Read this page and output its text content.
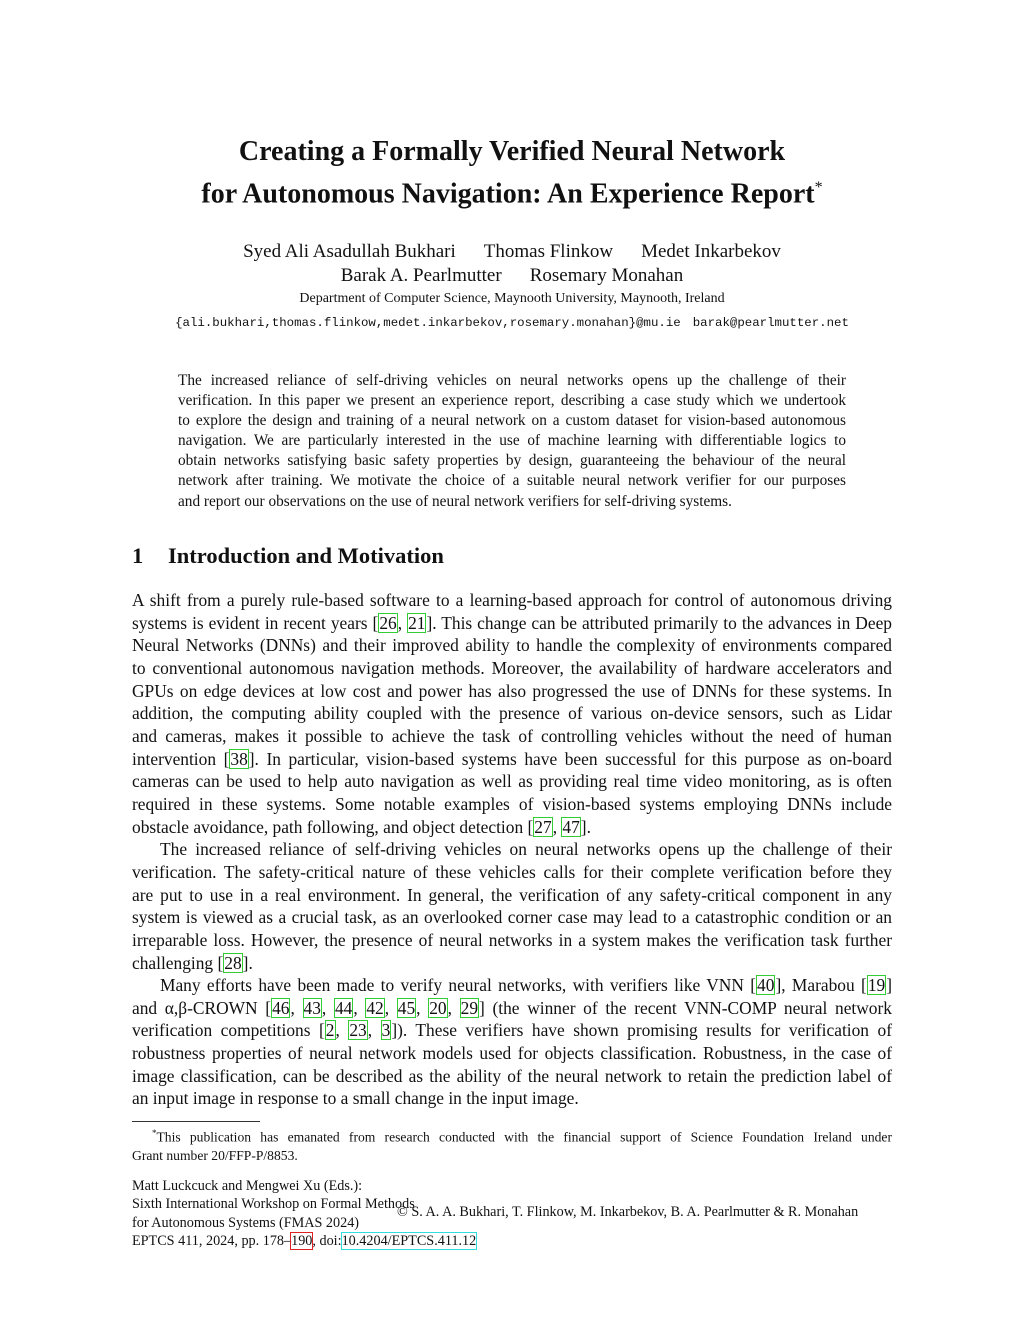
Creating a Formally Verified Neural Network
for Autonomous Navigation: An Experience Report*
Syed Ali Asadullah Bukhari Thomas Flinkow Medet Inkarbekov
Barak A. Pearlmutter Rosemary Monahan
Department of Computer Science, Maynooth University, Maynooth, Ireland
{ali.bukhari,thomas.flinkow,medet.inkarbekov,rosemary.monahan}@mu.ie barak@pearlmutter.net
The increased reliance of self-driving vehicles on neural networks opens up the challenge of their
verification. In this paper we present an experience report, describing a case study which we undertook
to explore the design and training of a neural network on a custom dataset for vision-based autonomous
navigation. We are particularly interested in the use of machine learning with differentiable logics to
obtain networks satisfying basic safety properties by design, guaranteeing the behaviour of the neural
network after training. We motivate the choice of a suitable neural network verifier for our purposes
and report our observations on the use of neural network verifiers for self-driving systems.
1 Introduction and Motivation
A shift from a purely rule-based software to a learning-based approach for control of autonomous driving
systems is evident in recent years [26, 21]. This change can be attributed primarily to the advances in Deep
Neural Networks (DNNs) and their improved ability to handle the complexity of environments compared
to conventional autonomous navigation methods. Moreover, the availability of hardware accelerators and
GPUs on edge devices at low cost and power has also progressed the use of DNNs for these systems. In
addition, the computing ability coupled with the presence of various on-device sensors, such as Lidar
and cameras, makes it possible to achieve the task of controlling vehicles without the need of human
intervention [38]. In particular, vision-based systems have been successful for this purpose as on-board
cameras can be used to help auto navigation as well as providing real time video monitoring, as is often
required in these systems. Some notable examples of vision-based systems employing DNNs include
obstacle avoidance, path following, and object detection [27, 47].
The increased reliance of self-driving vehicles on neural networks opens up the challenge of their
verification. The safety-critical nature of these vehicles calls for their complete verification before they
are put to use in a real environment. In general, the verification of any safety-critical component in any
system is viewed as a crucial task, as an overlooked corner case may lead to a catastrophic condition or an
irreparable loss. However, the presence of neural networks in a system makes the verification task further
challenging [28].
Many efforts have been made to verify neural networks, with verifiers like VNN [40], Marabou [19]
and α,β-CROWN [46, 43, 44, 42, 45, 20, 29] (the winner of the recent VNN-COMP neural network
verification competitions [2, 23, 3]). These verifiers have shown promising results for verification of
robustness properties of neural network models used for objects classification. Robustness, in the case of
image classification, can be described as the ability of the neural network to retain the prediction label of
an input image in response to a small change in the input image.
*This publication has emanated from research conducted with the financial support of Science Foundation Ireland under
Grant number 20/FFP-P/8853.
Matt Luckcuck and Mengwei Xu (Eds.):
Sixth International Workshop on Formal Methods
for Autonomous Systems (FMAS 2024)
EPTCS 411, 2024, pp. 178–190, doi:10.4204/EPTCS.411.12
© S. A. A. Bukhari, T. Flinkow, M. Inkarbekov, B. A. Pearlmutter & R. Monahan
